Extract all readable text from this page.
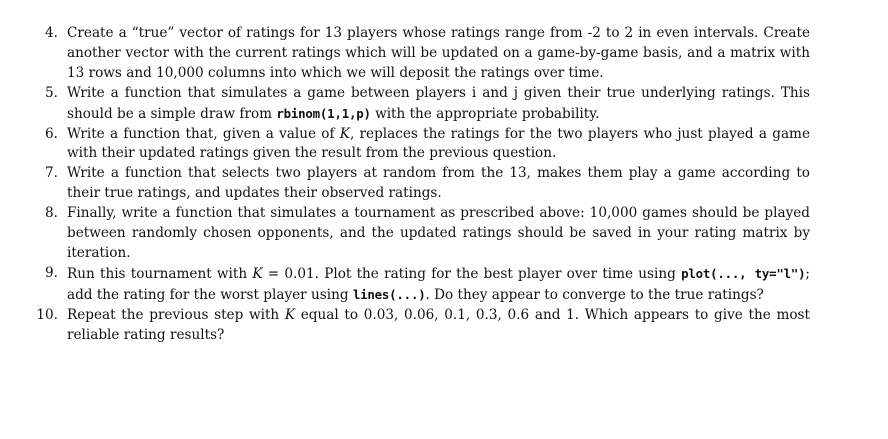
4. Create a “true” vector of ratings for 13 players whose ratings range from -2 to 2 in even intervals. Create another vector with the current ratings which will be updated on a game-by-game basis, and a matrix with 13 rows and 10,000 columns into which we will deposit the ratings over time.
5. Write a function that simulates a game between players i and j given their true underlying ratings. This should be a simple draw from rbinom(1,1,p) with the appropriate probability.
6. Write a function that, given a value of K, replaces the ratings for the two players who just played a game with their updated ratings given the result from the previous question.
7. Write a function that selects two players at random from the 13, makes them play a game according to their true ratings, and updates their observed ratings.
8. Finally, write a function that simulates a tournament as prescribed above: 10,000 games should be played between randomly chosen opponents, and the updated ratings should be saved in your rating matrix by iteration.
9. Run this tournament with K = 0.01. Plot the rating for the best player over time using plot(..., ty="l"); add the rating for the worst player using lines(...). Do they appear to converge to the true ratings?
10. Repeat the previous step with K equal to 0.03, 0.06, 0.1, 0.3, 0.6 and 1. Which appears to give the most reliable rating results?
